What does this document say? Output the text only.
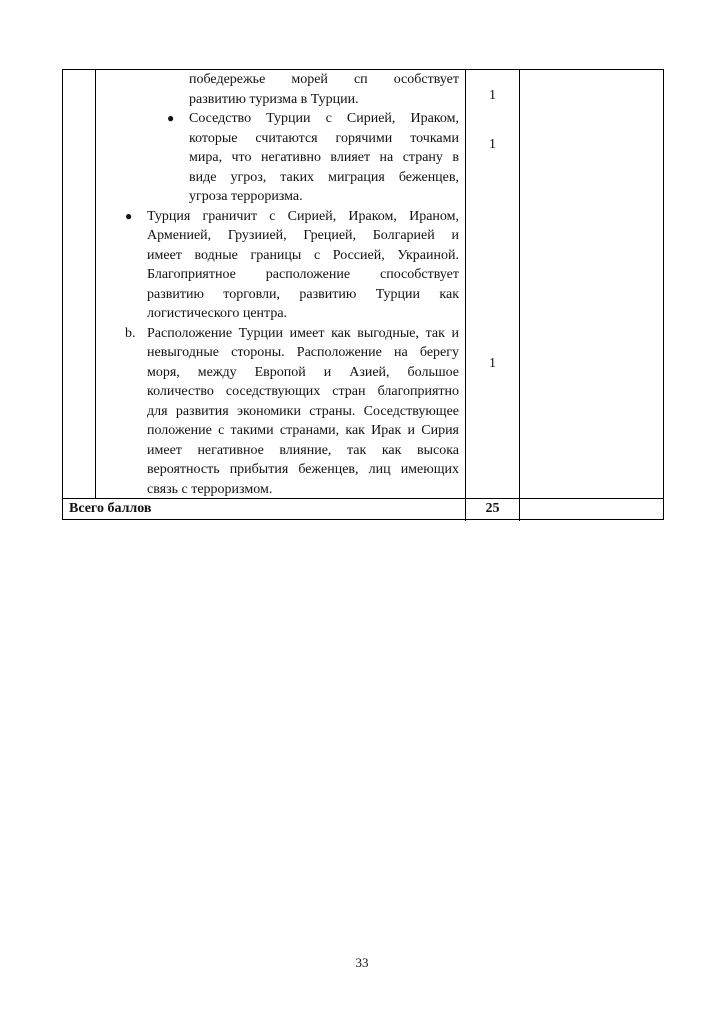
победережье морей сп особствует
развитию туризма в Турции.
● Соседство Турции с Сирией, Ираком,
которые считаются горячими точками
мира, что негативно влияет на страну в
виде угроз, таких миграция беженцев,
угроза терроризма.
● Турция граничит с Сирией, Ираком, Ираном,
Арменией, Грузиией, Грецией, Болгарией и
имеет водные границы с Россией, Украиной.
Благоприятное расположение способствует
развитию торговли, развитию Турции как
логистического центра.
b. Расположение Турции имеет как выгодные, так и
невыгодные стороны. Расположение на берегу
моря, между Европой и Азией, большое
количество соседствующих стран благоприятно
для развития экономики страны. Соседствующее
положение с такими странами, как Ирак и Сирия
имеет негативное влияние, так как высока
вероятность прибытия беженцев, лиц имеющих
связь с терроризмом.
1
1
1
Всего баллов	25
33
